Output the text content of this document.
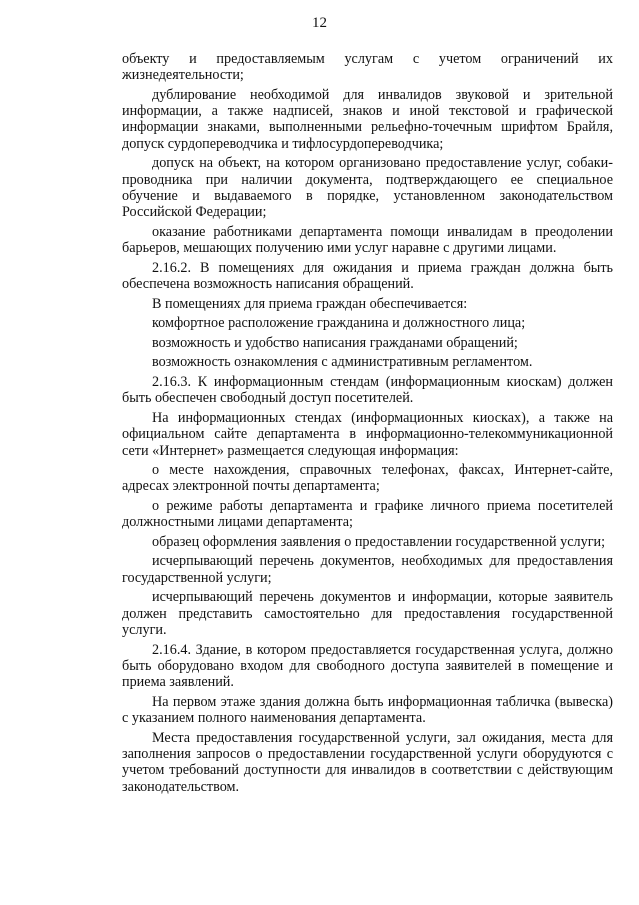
12

объекту и предоставляемым услугам с учетом ограничений их жизнедеятельности;

дублирование необходимой для инвалидов звуковой и зрительной информации, а также надписей, знаков и иной текстовой и графической информации знаками, выполненными рельефно-точечным шрифтом Брайля, допуск сурдопереводчика и тифлосурдопереводчика;

допуск на объект, на котором организовано предоставление услуг, собаки-проводника при наличии документа, подтверждающего ее специальное обучение и выдаваемого в порядке, установленном законодательством Российской Федерации;

оказание работниками департамента помощи инвалидам в преодолении барьеров, мешающих получению ими услуг наравне с другими лицами.

2.16.2. В помещениях для ожидания и приема граждан должна быть обеспечена возможность написания обращений.

В помещениях для приема граждан обеспечивается:

комфортное расположение гражданина и должностного лица;

возможность и удобство написания гражданами обращений;

возможность ознакомления с административным регламентом.

2.16.3. К информационным стендам (информационным киоскам) должен быть обеспечен свободный доступ посетителей.

На информационных стендах (информационных киосках), а также на официальном сайте департамента в информационно-телекоммуникационной сети «Интернет» размещается следующая информация:

о месте нахождения, справочных телефонах, факсах, Интернет-сайте, адресах электронной почты департамента;

о режиме работы департамента и графике личного приема посетителей должностными лицами департамента;

образец оформления заявления о предоставлении государственной услуги;

исчерпывающий перечень документов, необходимых для предоставления государственной услуги;

исчерпывающий перечень документов и информации, которые заявитель должен представить самостоятельно для предоставления государственной услуги.

2.16.4. Здание, в котором предоставляется государственная услуга, должно быть оборудовано входом для свободного доступа заявителей в помещение и приема заявлений.

На первом этаже здания должна быть информационная табличка (вывеска) с указанием полного наименования департамента.

Места предоставления государственной услуги, зал ожидания, места для заполнения запросов о предоставлении государственной услуги оборудуются с учетом требований доступности для инвалидов в соответствии с действующим законодательством.
